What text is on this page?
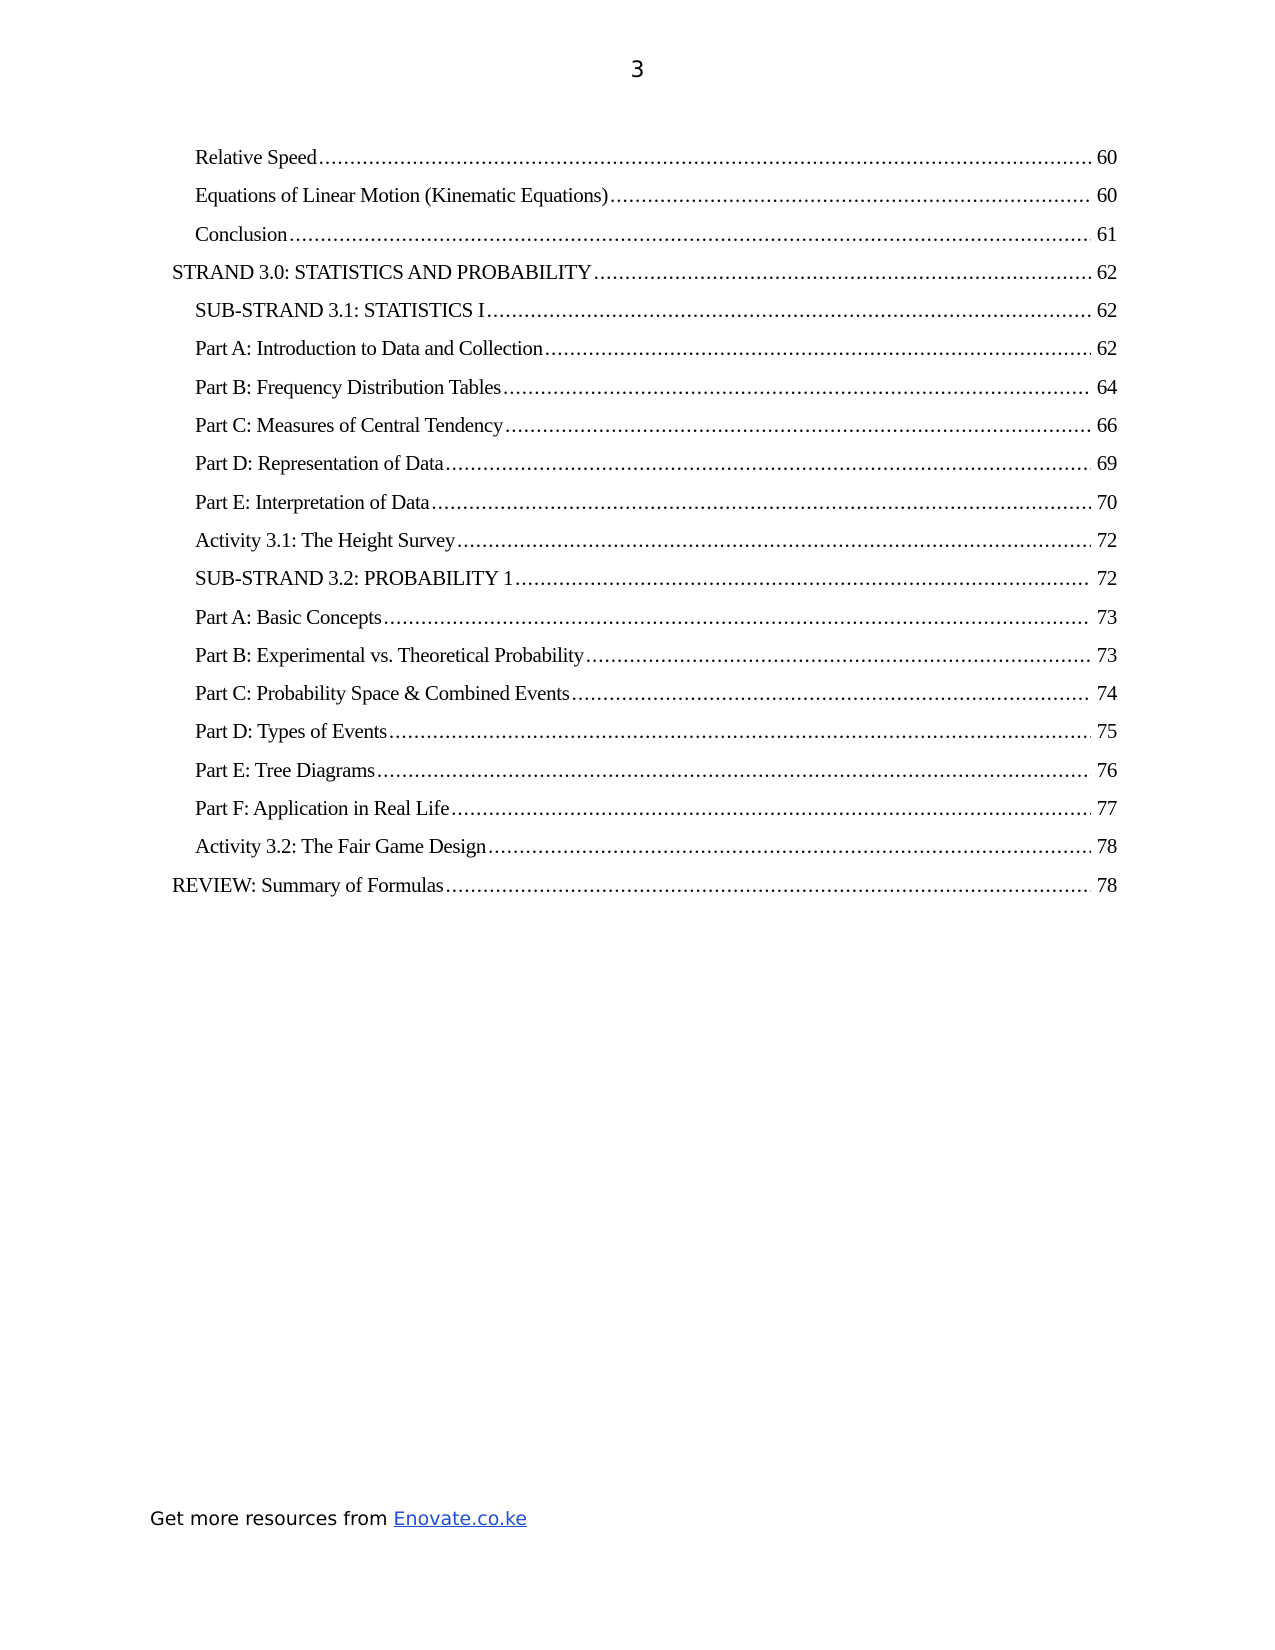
3
Relative Speed .....	60
Equations of Linear Motion (Kinematic Equations) .....	60
Conclusion .....	61
STRAND 3.0: STATISTICS AND PROBABILITY .....	62
SUB-STRAND 3.1: STATISTICS I .....	62
Part A: Introduction to Data and Collection .....	62
Part B: Frequency Distribution Tables .....	64
Part C: Measures of Central Tendency .....	66
Part D: Representation of Data .....	69
Part E: Interpretation of Data .....	70
Activity 3.1: The Height Survey .....	72
SUB-STRAND 3.2: PROBABILITY 1 .....	72
Part A: Basic Concepts .....	73
Part B: Experimental vs. Theoretical Probability .....	73
Part C: Probability Space & Combined Events .....	74
Part D: Types of Events .....	75
Part E: Tree Diagrams .....	76
Part F: Application in Real Life .....	77
Activity 3.2: The Fair Game Design .....	78
REVIEW: Summary of Formulas .....	78
Get more resources from Enovate.co.ke
